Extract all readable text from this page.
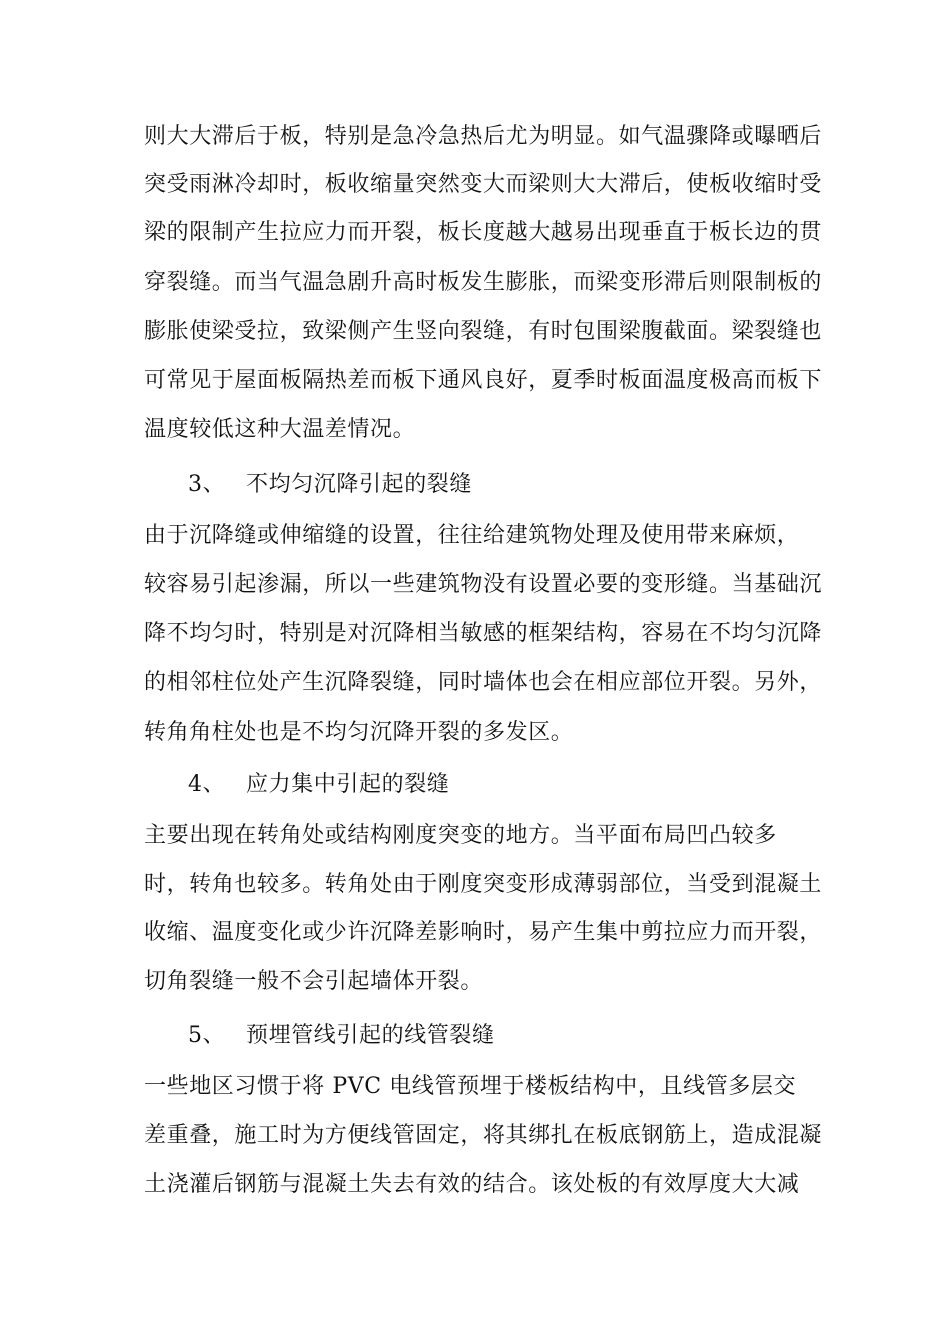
则大大滞后于板，特别是急冷急热后尤为明显。如气温骤降或曝晒后
突受雨淋冷却时，板收缩量突然变大而梁则大大滞后，使板收缩时受
梁的限制产生拉应力而开裂，板长度越大越易出现垂直于板长边的贯
穿裂缝。而当气温急剧升高时板发生膨胀，而梁变形滞后则限制板的
膨胀使梁受拉，致梁侧产生竖向裂缝，有时包围梁腹截面。梁裂缝也
可常见于屋面板隔热差而板下通风良好，夏季时板面温度极高而板下
温度较低这种大温差情况。
3、 不均匀沉降引起的裂缝
由于沉降缝或伸缩缝的设置，往往给建筑物处理及使用带来麻烦，
较容易引起渗漏，所以一些建筑物没有设置必要的变形缝。当基础沉
降不均匀时，特别是对沉降相当敏感的框架结构，容易在不均匀沉降
的相邻柱位处产生沉降裂缝，同时墙体也会在相应部位开裂。另外，
转角角柱处也是不均匀沉降开裂的多发区。
4、 应力集中引起的裂缝
主要出现在转角处或结构刚度突变的地方。当平面布局凹凸较多
时，转角也较多。转角处由于刚度突变形成薄弱部位，当受到混凝土
收缩、温度变化或少许沉降差影响时，易产生集中剪拉应力而开裂，
切角裂缝一般不会引起墙体开裂。
5、 预埋管线引起的线管裂缝
一些地区习惯于将 PVC 电线管预埋于楼板结构中，且线管多层交
差重叠，施工时为方便线管固定，将其绑扎在板底钢筋上，造成混凝
土浇灌后钢筋与混凝土失去有效的结合。该处板的有效厚度大大减
